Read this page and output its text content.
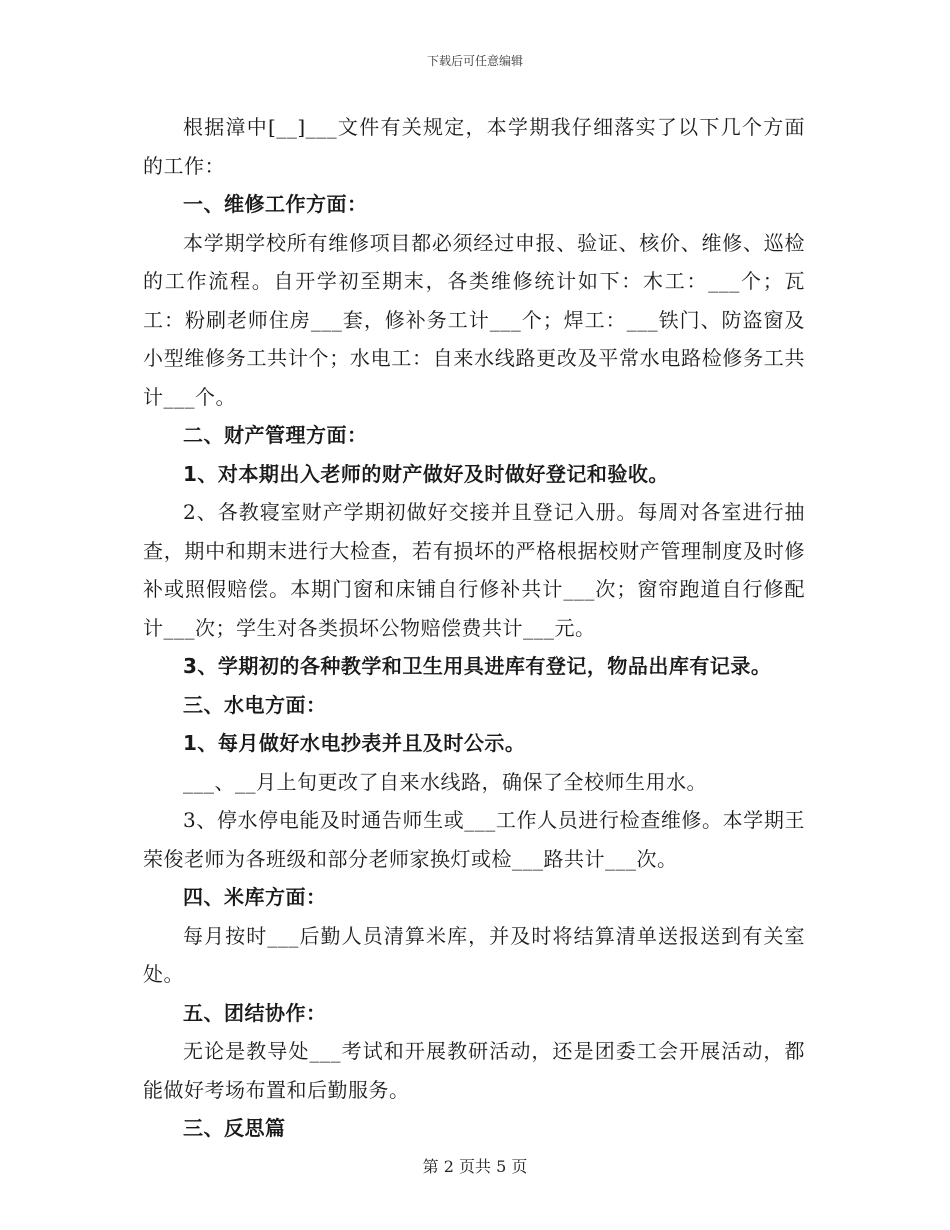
下载后可任意编辑

根据漳中[__]___文件有关规定，本学期我仔细落实了以下几个方面的工作：

一、维修工作方面：

本学期学校所有维修项目都必须经过申报、验证、核价、维修、巡检的工作流程。自开学初至期末，各类维修统计如下：木工：___个；瓦工：粉刷老师住房___套，修补务工计___个；焊工：___铁门、防盗窗及小型维修务工共计个；水电工：自来水线路更改及平常水电路检修务工共计___个。

二、财产管理方面：

1、对本期出入老师的财产做好及时做好登记和验收。

2、各教寝室财产学期初做好交接并且登记入册。每周对各室进行抽查，期中和期末进行大检查，若有损坏的严格根据校财产管理制度及时修补或照假赔偿。本期门窗和床铺自行修补共计___次；窗帘跑道自行修配计___次；学生对各类损坏公物赔偿费共计___元。

3、学期初的各种教学和卫生用具进库有登记，物品出库有记录。

三、水电方面：

1、每月做好水电抄表并且及时公示。

___、__月上旬更改了自来水线路，确保了全校师生用水。

3、停水停电能及时通告师生或___工作人员进行检查维修。本学期王荣俊老师为各班级和部分老师家换灯或检___路共计___次。

四、米库方面：

每月按时___后勤人员清算米库，并及时将结算清单送报送到有关室处。

五、团结协作：

无论是教导处___考试和开展教研活动，还是团委工会开展活动，都能做好考场布置和后勤服务。

三、反思篇

第 2 页共 5 页
